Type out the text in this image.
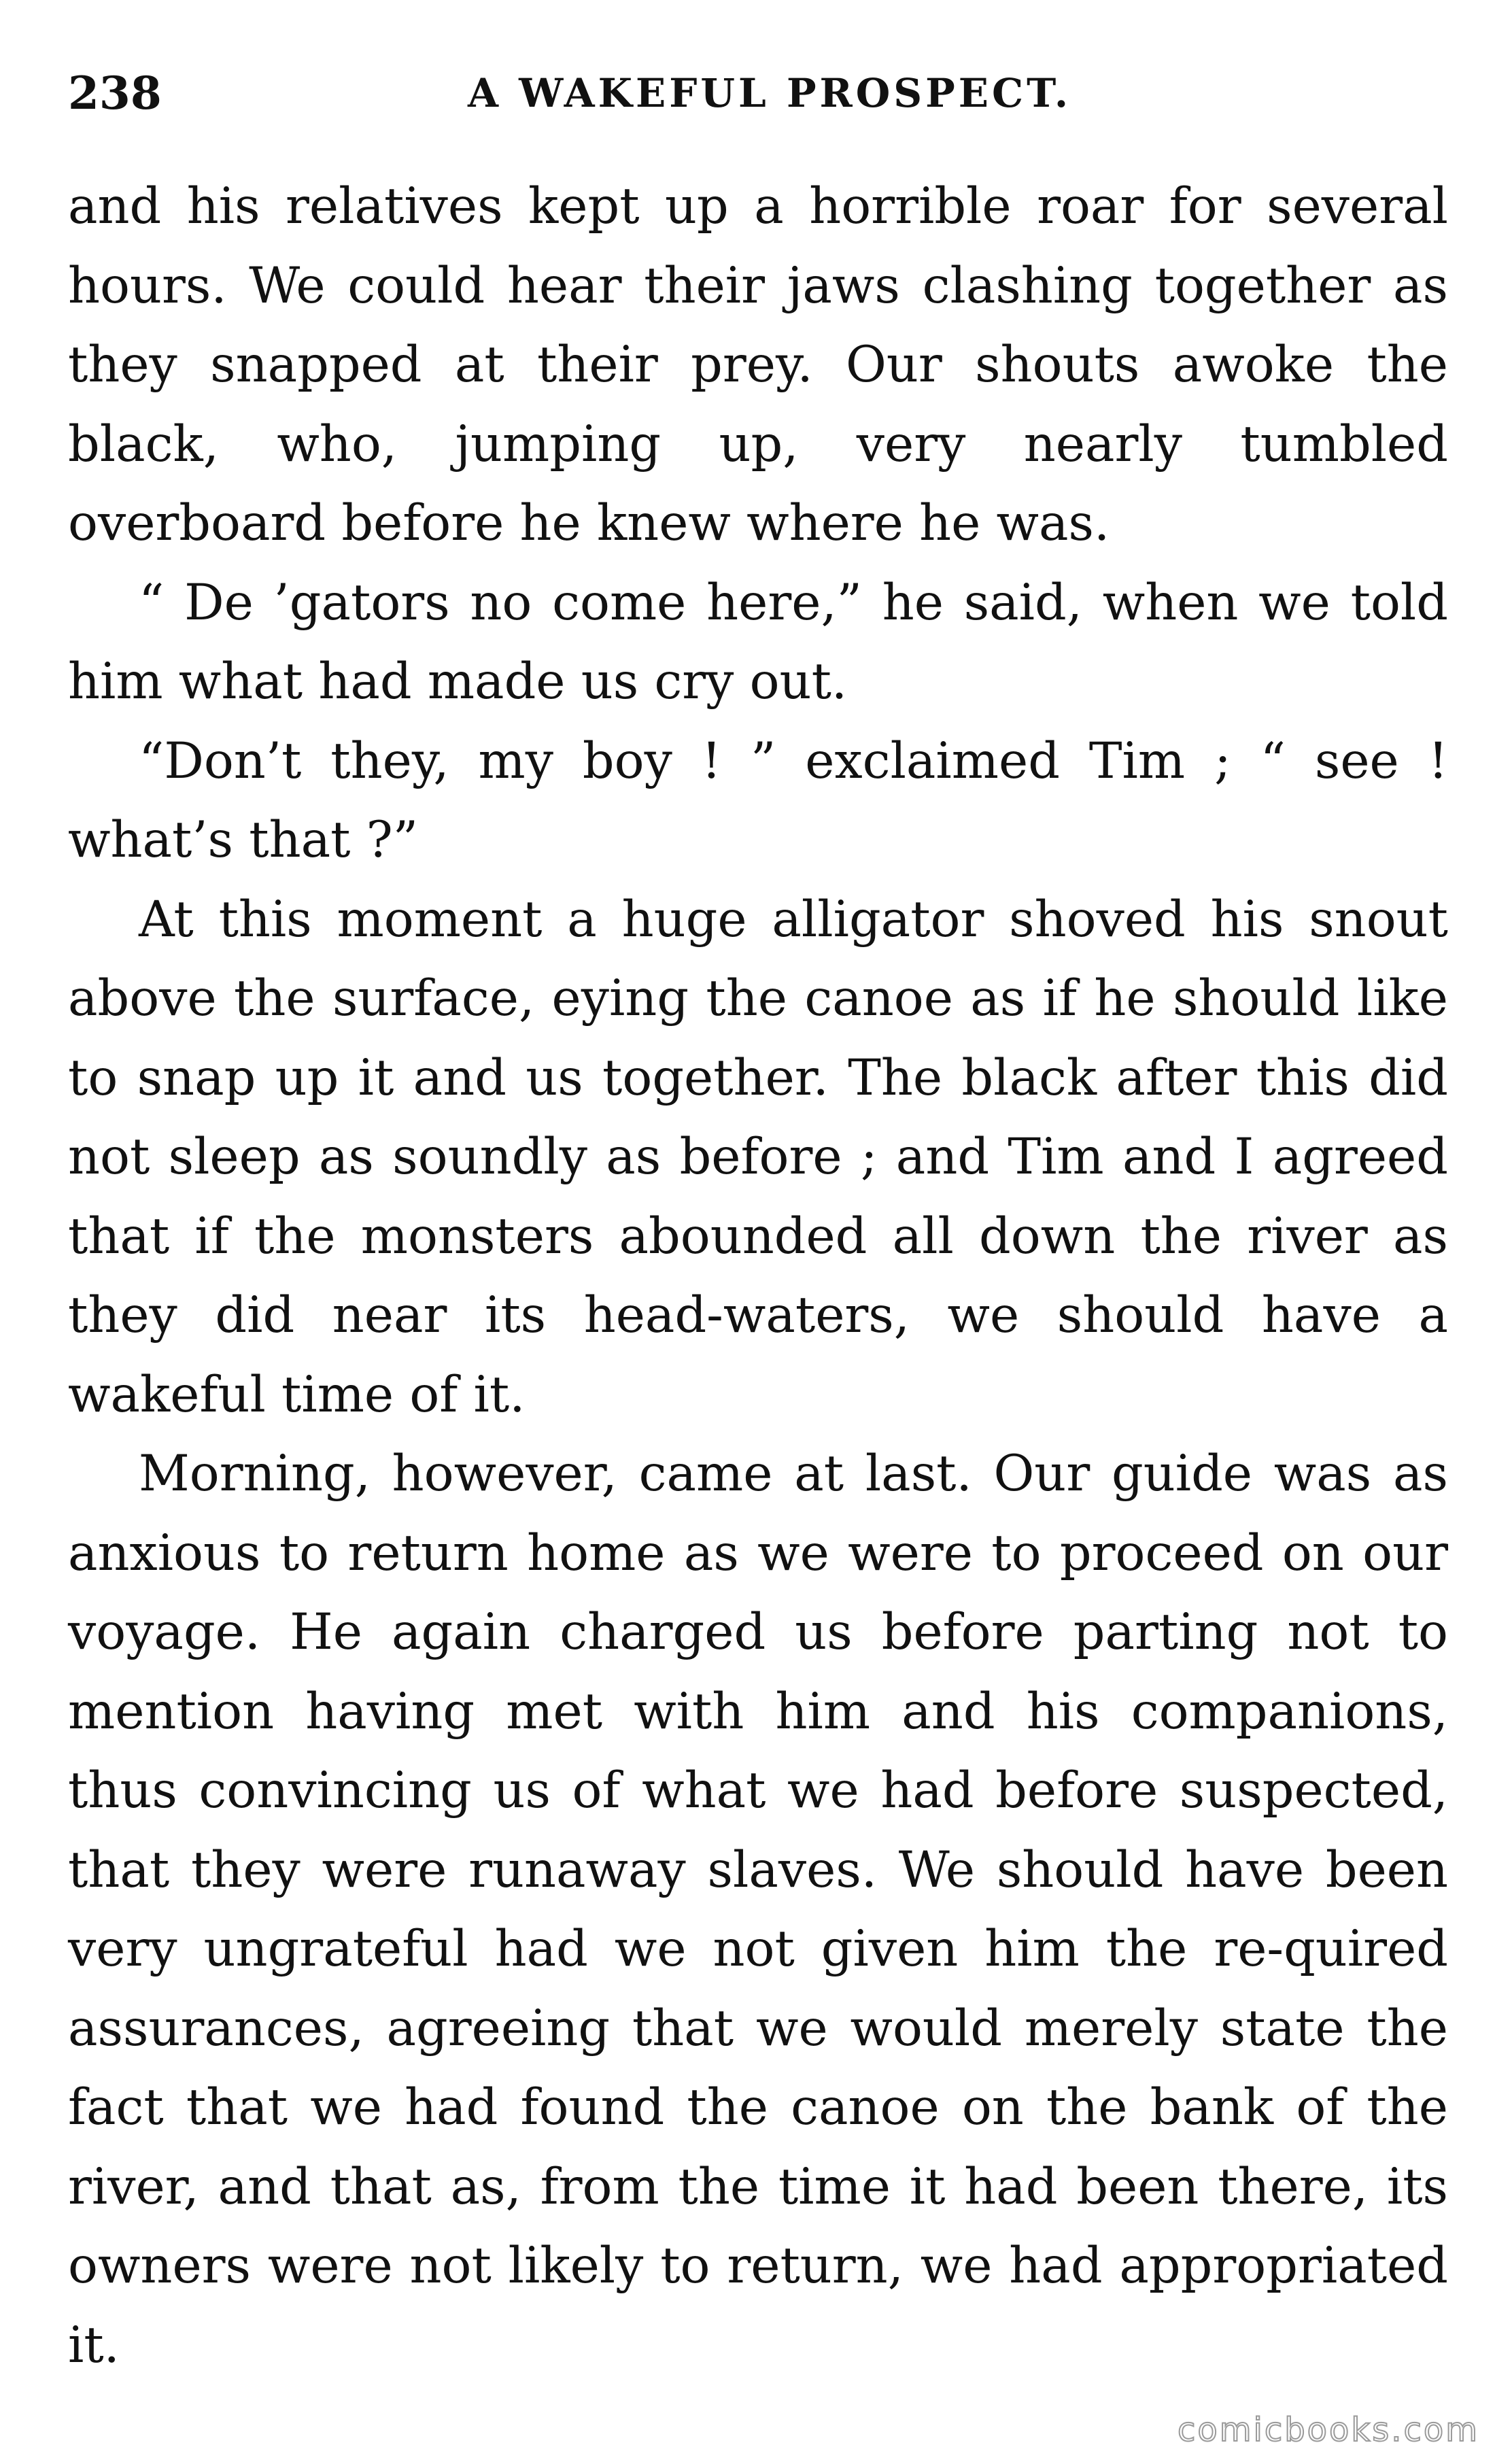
238	A WAKEFUL PROSPECT.

and his relatives kept up a horrible roar for several hours. We could hear their jaws clashing together as they snapped at their prey. Our shouts awoke the black, who, jumping up, very nearly tumbled overboard before he knew where he was.

“ De ’gators no come here,” he said, when we told him what had made us cry out.

“Don’t they, my boy ! ” exclaimed Tim ; “ see ! what’s that ?”

At this moment a huge alligator shoved his snout above the surface, eying the canoe as if he should like to snap up it and us together. The black after this did not sleep as soundly as before ; and Tim and I agreed that if the monsters abounded all down the river as they did near its head-waters, we should have a wakeful time of it.

Morning, however, came at last. Our guide was as anxious to return home as we were to proceed on our voyage. He again charged us before parting not to mention having met with him and his companions, thus convincing us of what we had before suspected, that they were runaway slaves. We should have been very ungrateful had we not given him the re-quired assurances, agreeing that we would merely state the fact that we had found the canoe on the bank of the river, and that as, from the time it had been there, its owners were not likely to return, we had appropriated it.

comicbooks.com
